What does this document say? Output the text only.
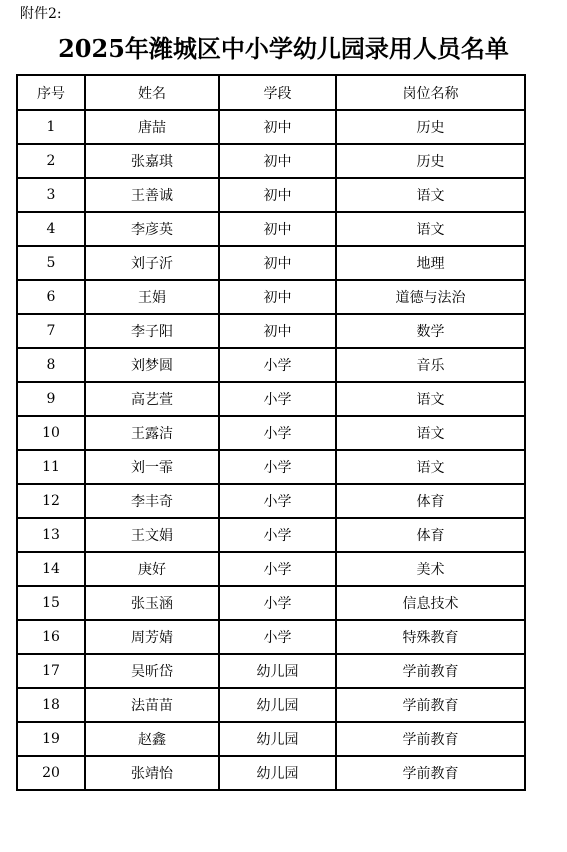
附件2:
2025年潍城区中小学幼儿园录用人员名单
序号	姓名	学段	岗位名称
1	唐喆	初中	历史
2	张嘉琪	初中	历史
3	王善诚	初中	语文
4	李彦英	初中	语文
5	刘子沂	初中	地理
6	王娟	初中	道德与法治
7	李子阳	初中	数学
8	刘梦圆	小学	音乐
9	高艺萱	小学	语文
10	王露洁	小学	语文
11	刘一霏	小学	语文
12	李丰奇	小学	体育
13	王文娟	小学	体育
14	庚好	小学	美术
15	张玉涵	小学	信息技术
16	周芳婧	小学	特殊教育
17	吴昕岱	幼儿园	学前教育
18	法苗苗	幼儿园	学前教育
19	赵鑫	幼儿园	学前教育
20	张靖怡	幼儿园	学前教育
